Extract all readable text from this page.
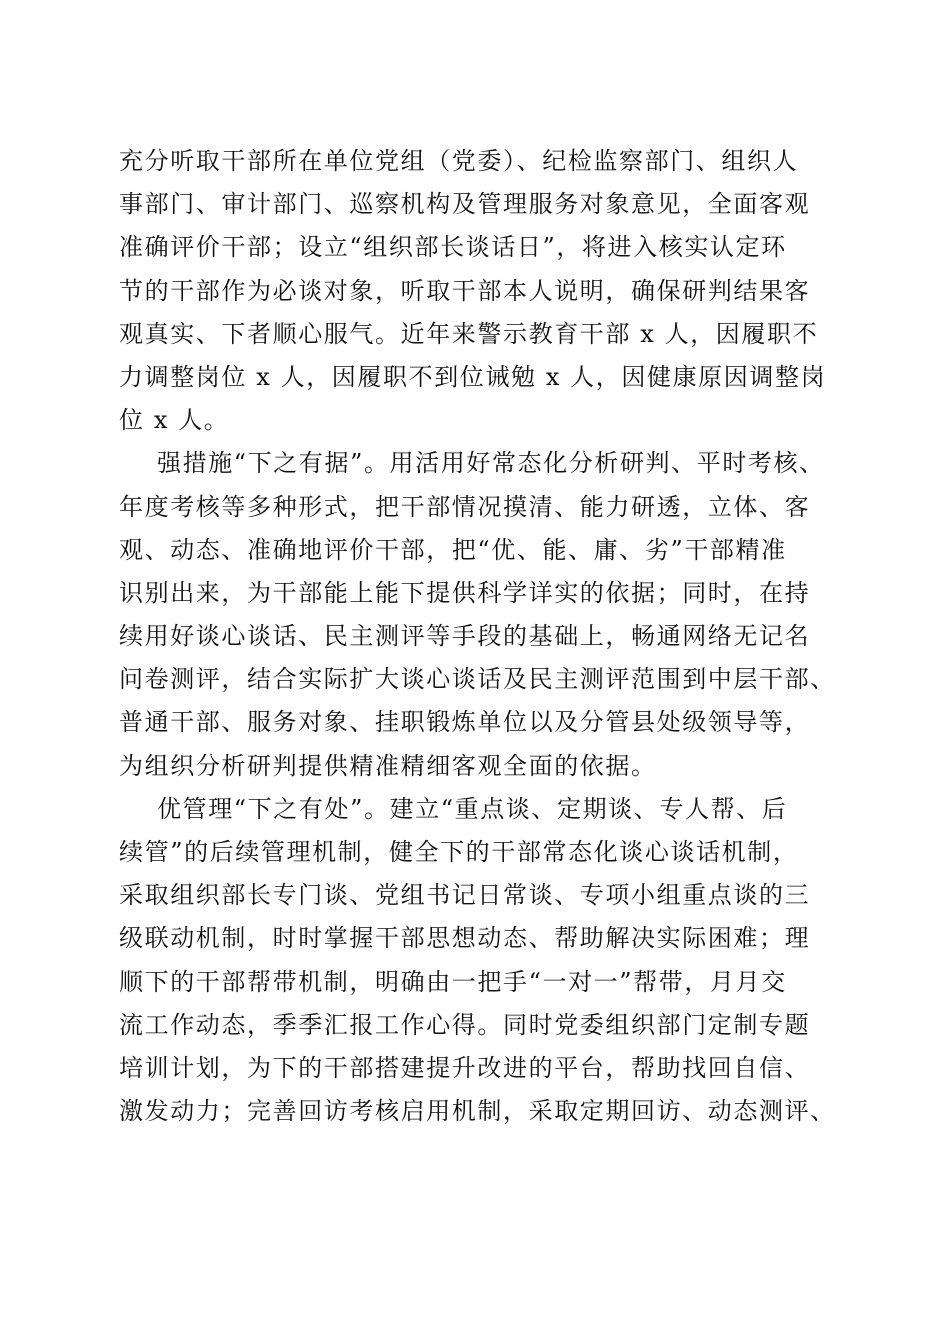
充分听取干部所在单位党组（党委）、纪检监察部门、组织人
事部门、审计部门、巡察机构及管理服务对象意见，全面客观
准确评价干部；设立“组织部长谈话日”，将进入核实认定环
节的干部作为必谈对象，听取干部本人说明，确保研判结果客
观真实、下者顺心服气。近年来警示教育干部 x 人，因履职不
力调整岗位 x 人，因履职不到位诫勉 x 人，因健康原因调整岗
位 x 人。
强措施“下之有据”。用活用好常态化分析研判、平时考核、
年度考核等多种形式，把干部情况摸清、能力研透，立体、客
观、动态、准确地评价干部，把“优、能、庸、劣”干部精准
识别出来，为干部能上能下提供科学详实的依据；同时，在持
续用好谈心谈话、民主测评等手段的基础上，畅通网络无记名
问卷测评，结合实际扩大谈心谈话及民主测评范围到中层干部、
普通干部、服务对象、挂职锻炼单位以及分管县处级领导等，
为组织分析研判提供精准精细客观全面的依据。
优管理“下之有处”。建立“重点谈、定期谈、专人帮、后
续管”的后续管理机制，健全下的干部常态化谈心谈话机制，
采取组织部长专门谈、党组书记日常谈、专项小组重点谈的三
级联动机制，时时掌握干部思想动态、帮助解决实际困难；理
顺下的干部帮带机制，明确由一把手“一对一”帮带，月月交
流工作动态，季季汇报工作心得。同时党委组织部门定制专题
培训计划，为下的干部搭建提升改进的平台，帮助找回自信、
激发动力；完善回访考核启用机制，采取定期回访、动态测评、
